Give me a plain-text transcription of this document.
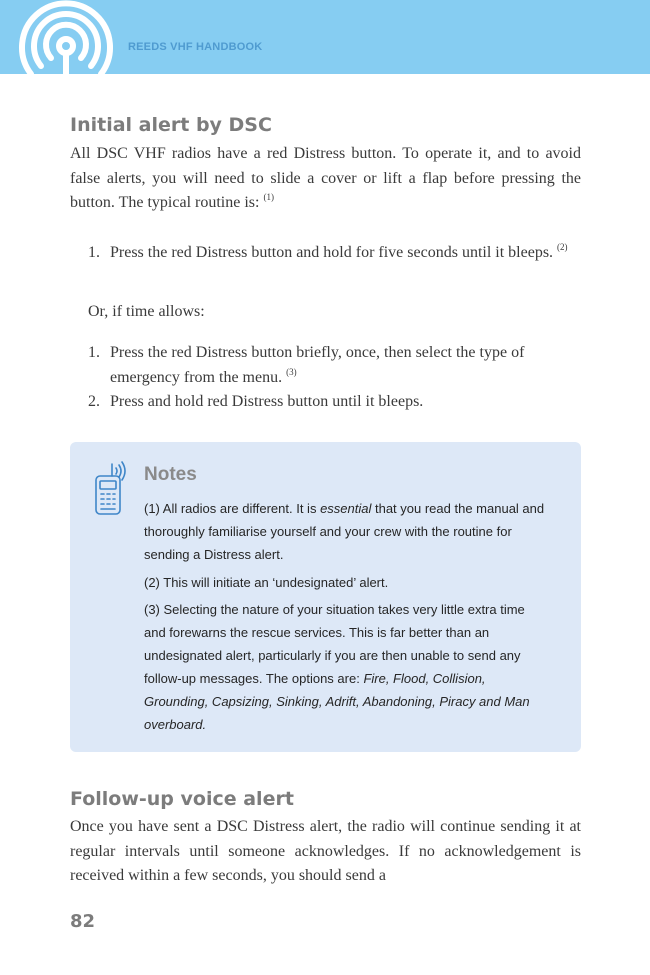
REEDS VHF HANDBOOK
Initial alert by DSC

All DSC VHF radios have a red Distress button. To operate it, and to avoid false alerts, you will need to slide a cover or lift a flap before pressing the button. The typical routine is: $^{(1)}$

1. Press the red Distress button and hold for five seconds until it bleeps. $^{(2)}$
Or, if time allows:
1. Press the red Distress button briefly, once, then select the type of emergency from the menu. $^{(3)}$
2. Press and hold red Distress button until it bleeps.
Notes

(1) All radios are different. It is essential that you read the manual and thoroughly familiarise yourself and your crew with the routine for sending a Distress alert.

(2) This will initiate an ‘undesignated’ alert.

(3) Selecting the nature of your situation takes very little extra time and forewarns the rescue services. This is far better than an undesignated alert, particularly if you are then unable to send any follow-up messages. The options are: Fire, Flood, Collision, Grounding, Capsizing, Sinking, Adrift, Abandoning, Piracy and Man overboard.

Follow-up voice alert

Once you have sent a DSC Distress alert, the radio will continue sending it at regular intervals until someone acknowledges. If no acknowledgement is received within a few seconds, you should send a

82
